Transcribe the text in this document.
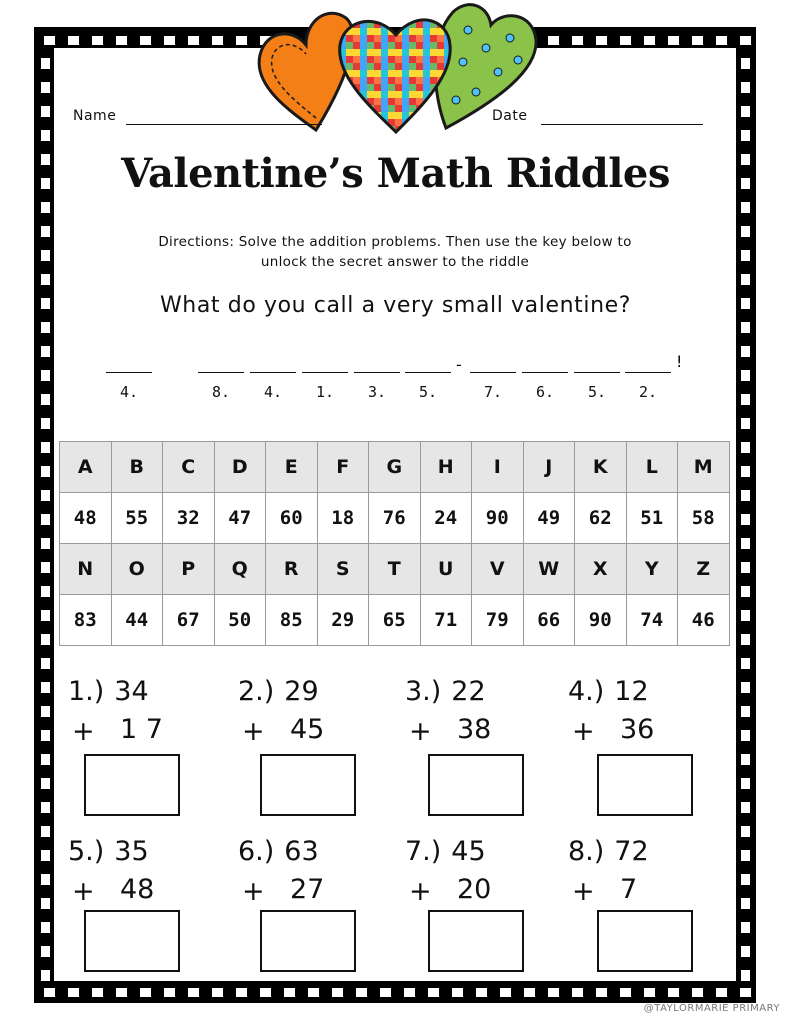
Name	Date
Valentine’s Math Riddles
Directions: Solve the addition problems. Then use the key below to
unlock the secret answer to the riddle
What do you call a very small valentine?
4.	8.	4.	1.	3.	5.	7.	6.	5.	2.
-	!
A	B	C	D	E	F	G	H	I	J	K	L	M
48	55	32	47	60	18	76	24	90	49	62	51	58
N	O	P	Q	R	S	T	U	V	W	X	Y	Z
83	44	67	50	85	29	65	71	79	66	90	74	46
1.) 34
+ 1 7
2.) 29
+ 45
3.) 22
+ 38
4.) 12
+ 36
5.) 35
+ 48
6.) 63
+ 27
7.) 45
+ 20
8.) 72
+ 7
@TAYLORMARIE PRIMARY
